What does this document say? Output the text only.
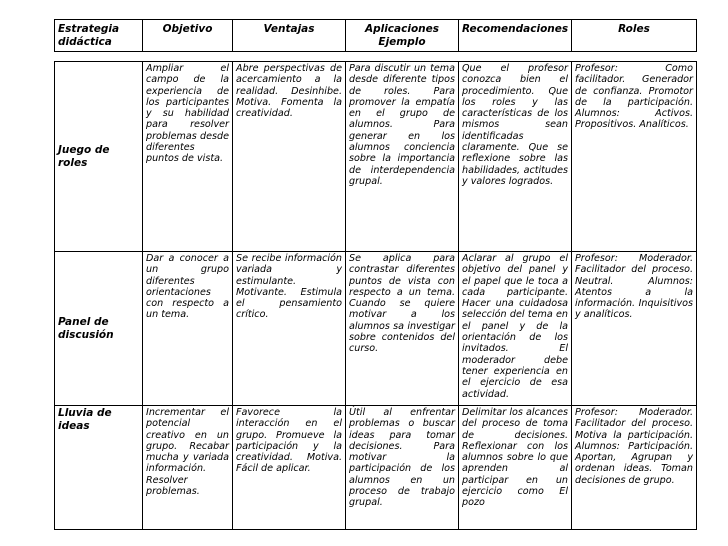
Estrategia didáctica	Objetivo	Ventajas	Aplicaciones Ejemplo	Recomendaciones	Roles
Juego de roles	Ampliar el campo de la experiencia de los participantes y su habilidad para resolver problemas desde diferentes puntos de vista.	Abre perspectivas de acercamiento a la realidad. Desinhibe. Motiva. Fomenta la creatividad.	Para discutir un tema desde diferente tipos de roles. Para promover la empatía en el grupo de alumnos. Para generar en los alumnos conciencia sobre la importancia de interdependencia grupal.	Que el profesor conozca bien el procedimiento. Que los roles y las características de los mismos sean identificadas claramente. Que se reflexione sobre las habilidades, actitudes y valores logrados.	Profesor: Como facilitador. Generador de confianza. Promotor de la participación. Alumnos: Activos. Propositivos. Analíticos.
Panel de discusión	Dar a conocer a un grupo diferentes orientaciones con respecto a un tema.	Se recibe información variada y estimulante. Motivante. Estimula el pensamiento crítico.	Se aplica para contrastar diferentes puntos de vista con respecto a un tema. Cuando se quiere motivar a los alumnos sa investigar sobre contenidos del curso.	Aclarar al grupo el objetivo del panel y el papel que le toca a cada participante. Hacer una cuidadosa selección del tema en el panel y de la orientación de los invitados. El moderador debe tener experiencia en el ejercicio de esa actividad.	Profesor: Moderador. Facilitador del proceso. Neutral. Alumnos: Atentos a la información. Inquisitivos y analíticos.
Lluvia de ideas	Incrementar el potencial creativo en un grupo. Recabar mucha y variada información. Resolver problemas.	Favorece la interacción en el grupo. Promueve la participación y la creatividad. Motiva. Fácil de aplicar.	Útil al enfrentar problemas o buscar ideas para tomar decisiones. Para motivar la participación de los alumnos en un proceso de trabajo grupal.	Delimitar los alcances del proceso de toma de decisiones. Reflexionar con los alumnos sobre lo que aprenden al participar en un ejercicio como El pozo	Profesor: Moderador. Facilitador del proceso. Motiva la participación. Alumnos: Participación. Aportan, Agrupan y ordenan ideas. Toman decisiones de grupo.
